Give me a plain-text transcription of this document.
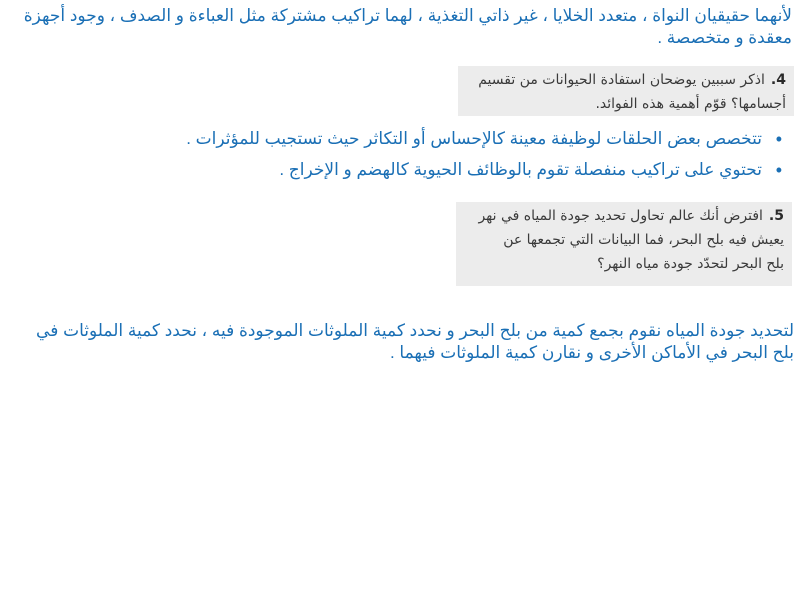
لأنهما حقيقيان النواة ، متعدد الخلايا ، غير ذاتي التغذية ، لهما تراكيب مشتركة مثل العباءة و الصدف ، وجود أجهزة معقدة و متخصصة .
4.اذكر سببين يوضحان استفادة الحيوانات من تقسيم
أجسامها؟ قوّم أهمية هذه الفوائد.
•
تتخصص بعض الحلقات لوظيفة معينة كالإحساس أو التكاثر حيث تستجيب للمؤثرات .
•
تحتوي على تراكيب منفصلة تقوم بالوظائف الحيوية كالهضم و الإخراج .
5.افترض أنك عالم تحاول تحديد جودة المياه في نهر
يعيش فيه بلح البحر، فما البيانات التي تجمعها عن
بلح البحر لتحدّد جودة مياه النهر؟
لتحديد جودة المياه نقوم بجمع كمية من بلح البحر و نحدد كمية الملوثات الموجودة فيه ، نحدد كمية الملوثات في بلح البحر في الأماكن الأخرى و نقارن كمية الملوثات فيهما .
